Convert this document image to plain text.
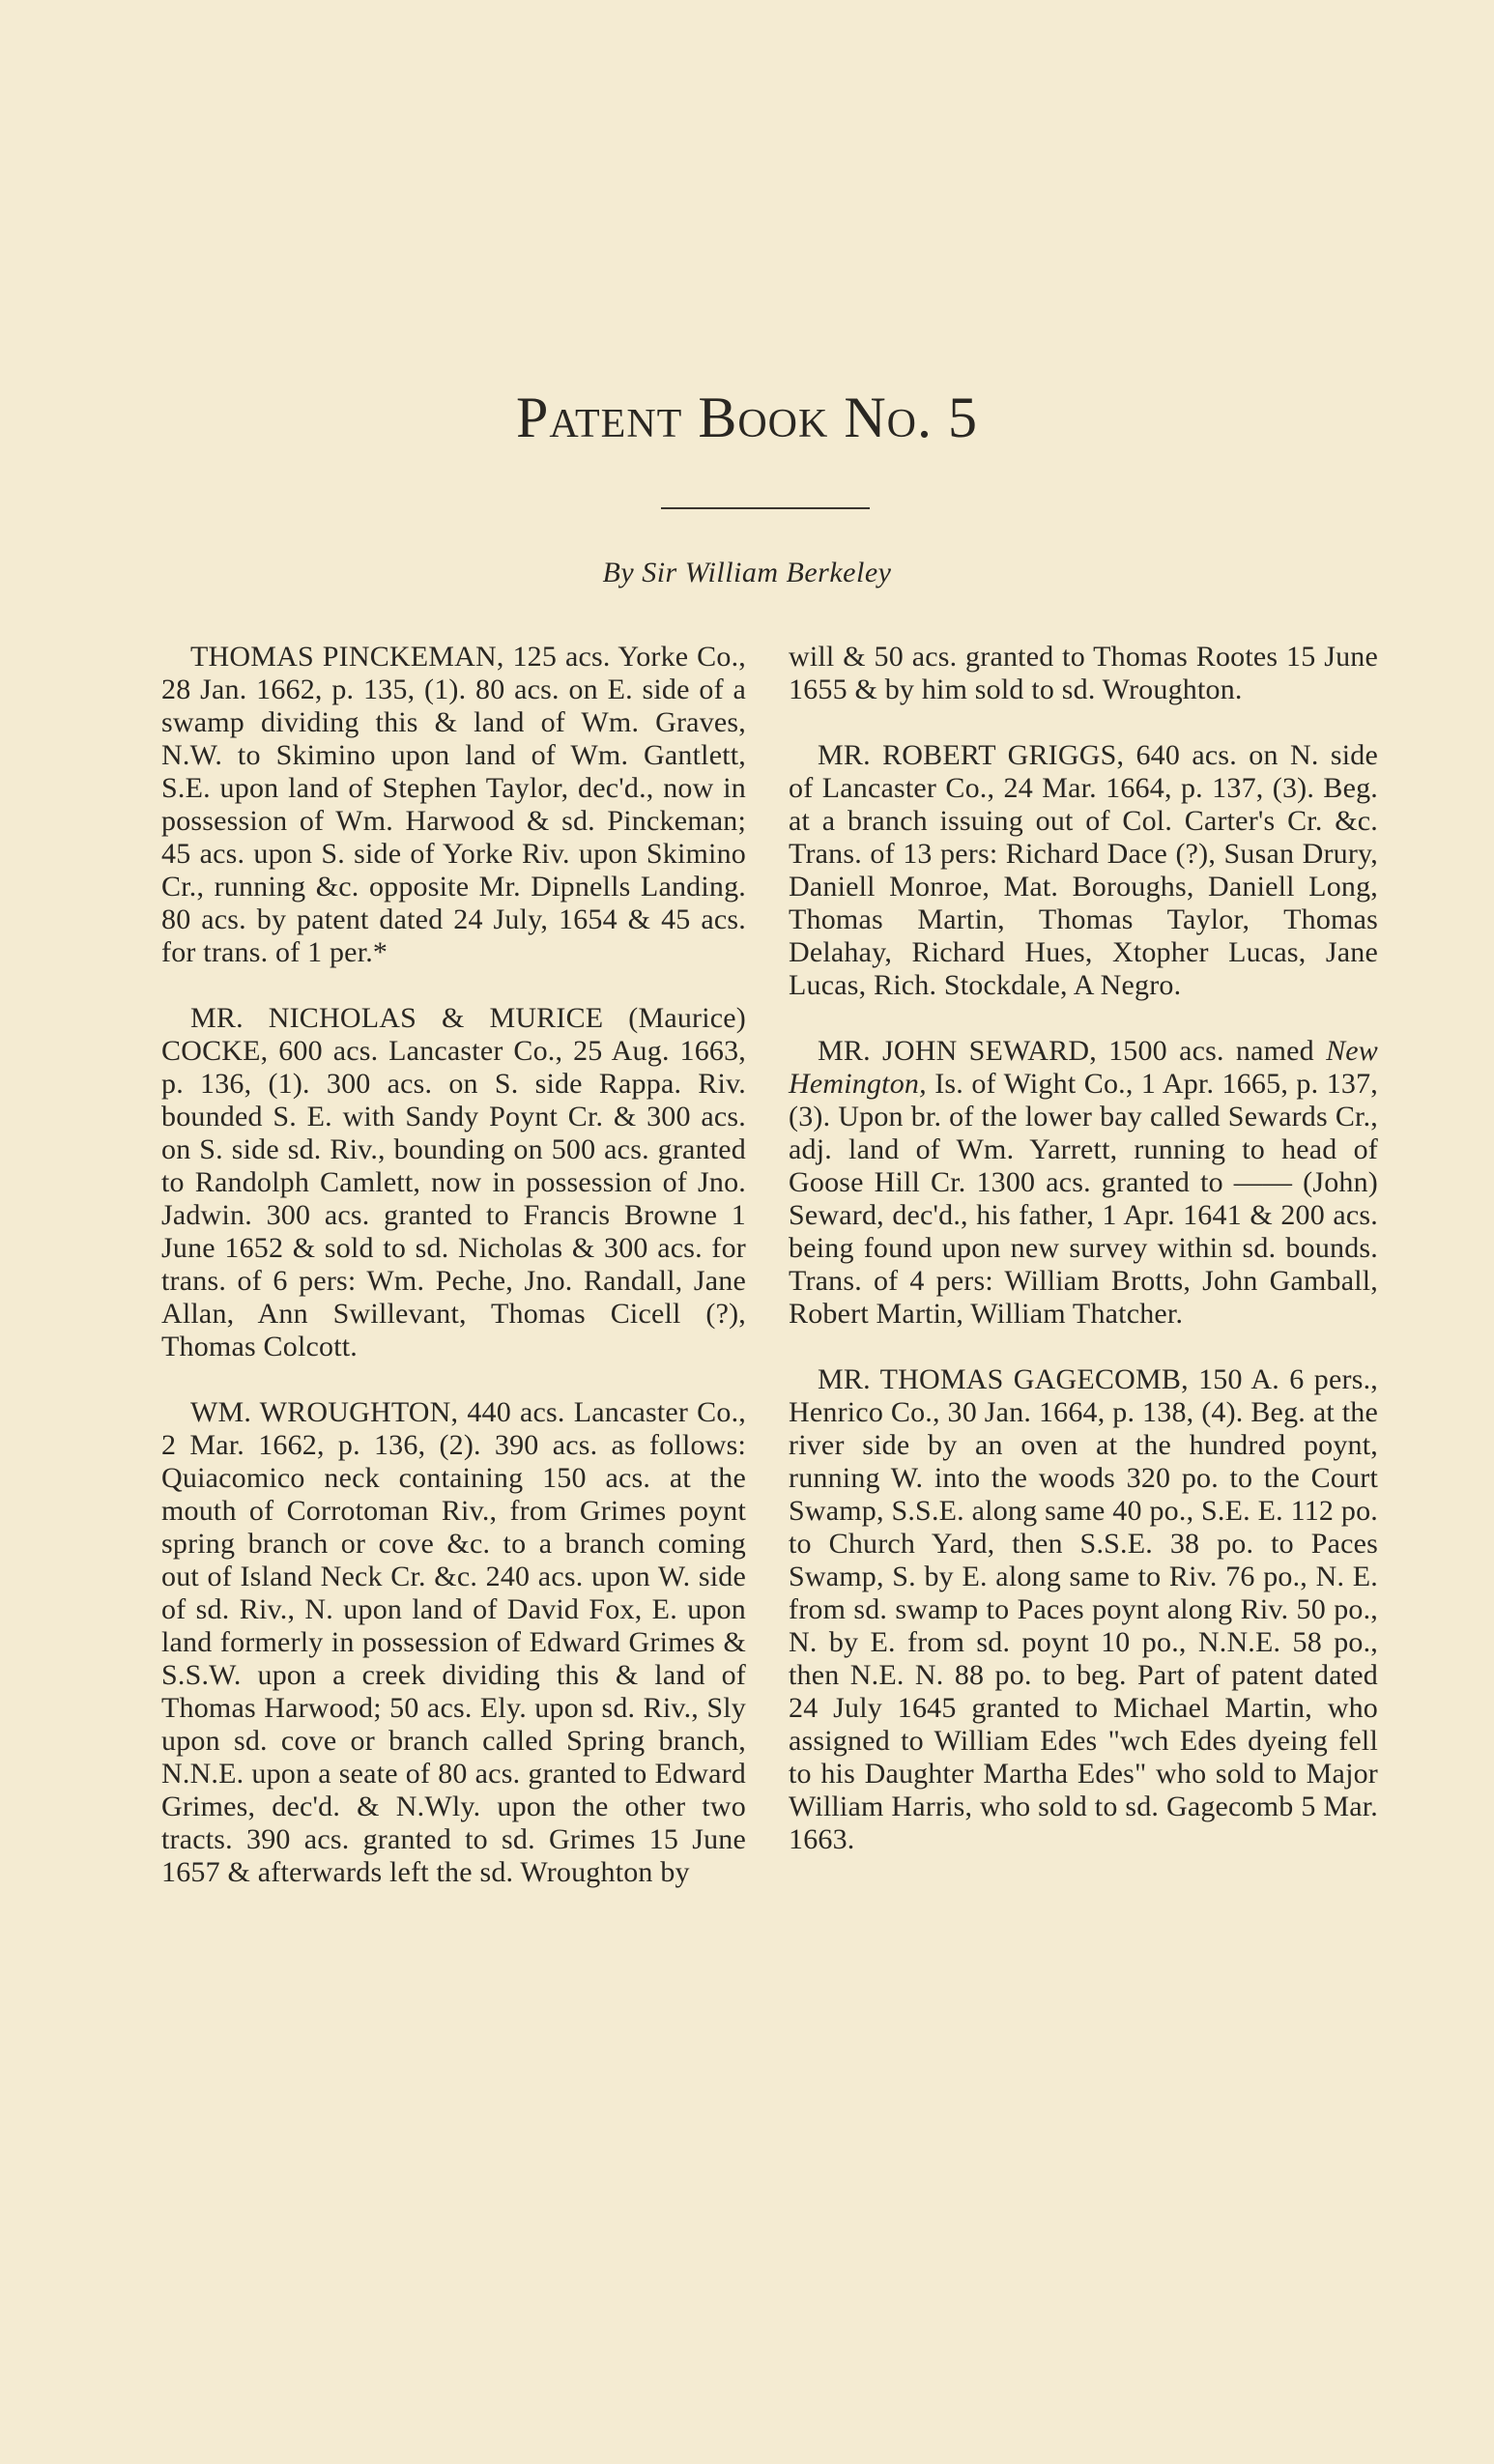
Patent Book No. 5

By Sir William Berkeley

THOMAS PINCKEMAN, 125 acs. Yorke Co., 28 Jan. 1662, p. 135, (1). 80 acs. on E. side of a swamp dividing this & land of Wm. Graves, N.W. to Skimino upon land of Wm. Gantlett, S.E. upon land of Stephen Taylor, dec'd., now in possession of Wm. Harwood & sd. Pinckeman; 45 acs. upon S. side of Yorke Riv. upon Skimino Cr., running &c. opposite Mr. Dipnells Landing. 80 acs. by patent dated 24 July, 1654 & 45 acs. for trans. of 1 per.*

MR. NICHOLAS & MURICE (Maurice) COCKE, 600 acs. Lancaster Co., 25 Aug. 1663, p. 136, (1). 300 acs. on S. side Rappa. Riv. bounded S. E. with Sandy Poynt Cr. & 300 acs. on S. side sd. Riv., bounding on 500 acs. granted to Randolph Camlett, now in possession of Jno. Jadwin. 300 acs. granted to Francis Browne 1 June 1652 & sold to sd. Nicholas & 300 acs. for trans. of 6 pers: Wm. Peche, Jno. Randall, Jane Allan, Ann Swillevant, Thomas Cicell (?), Thomas Colcott.

WM. WROUGHTON, 440 acs. Lancaster Co., 2 Mar. 1662, p. 136, (2). 390 acs. as follows: Quiacomico neck containing 150 acs. at the mouth of Corrotoman Riv., from Grimes poynt spring branch or cove &c. to a branch coming out of Island Neck Cr. &c. 240 acs. upon W. side of sd. Riv., N. upon land of David Fox, E. upon land formerly in possession of Edward Grimes & S.S.W. upon a creek dividing this & land of Thomas Harwood; 50 acs. Ely. upon sd. Riv., Sly upon sd. cove or branch called Spring branch, N.N.E. upon a seate of 80 acs. granted to Edward Grimes, dec'd. & N.Wly. upon the other two tracts. 390 acs. granted to sd. Grimes 15 June 1657 & afterwards left the sd. Wroughton by

will & 50 acs. granted to Thomas Rootes 15 June 1655 & by him sold to sd. Wroughton.

MR. ROBERT GRIGGS, 640 acs. on N. side of Lancaster Co., 24 Mar. 1664, p. 137, (3). Beg. at a branch issuing out of Col. Carter's Cr. &c. Trans. of 13 pers: Richard Dace (?), Susan Drury, Daniell Monroe, Mat. Boroughs, Daniell Long, Thomas Martin, Thomas Taylor, Thomas Delahay, Richard Hues, Xtopher Lucas, Jane Lucas, Rich. Stockdale, A Negro.

MR. JOHN SEWARD, 1500 acs. named New Hemington, Is. of Wight Co., 1 Apr. 1665, p. 137, (3). Upon br. of the lower bay called Sewards Cr., adj. land of Wm. Yarrett, running to head of Goose Hill Cr. 1300 acs. granted to —— (John) Seward, dec'd., his father, 1 Apr. 1641 & 200 acs. being found upon new survey within sd. bounds. Trans. of 4 pers: William Brotts, John Gamball, Robert Martin, William Thatcher.

MR. THOMAS GAGECOMB, 150 A. 6 pers., Henrico Co., 30 Jan. 1664, p. 138, (4). Beg. at the river side by an oven at the hundred poynt, running W. into the woods 320 po. to the Court Swamp, S.S.E. along same 40 po., S.E. E. 112 po. to Church Yard, then S.S.E. 38 po. to Paces Swamp, S. by E. along same to Riv. 76 po., N. E. from sd. swamp to Paces poynt along Riv. 50 po., N. by E. from sd. poynt 10 po., N.N.E. 58 po., then N.E. N. 88 po. to beg. Part of patent dated 24 July 1645 granted to Michael Martin, who assigned to William Edes "wch Edes dyeing fell to his Daughter Martha Edes" who sold to Major William Harris, who sold to sd. Gagecomb 5 Mar. 1663.
